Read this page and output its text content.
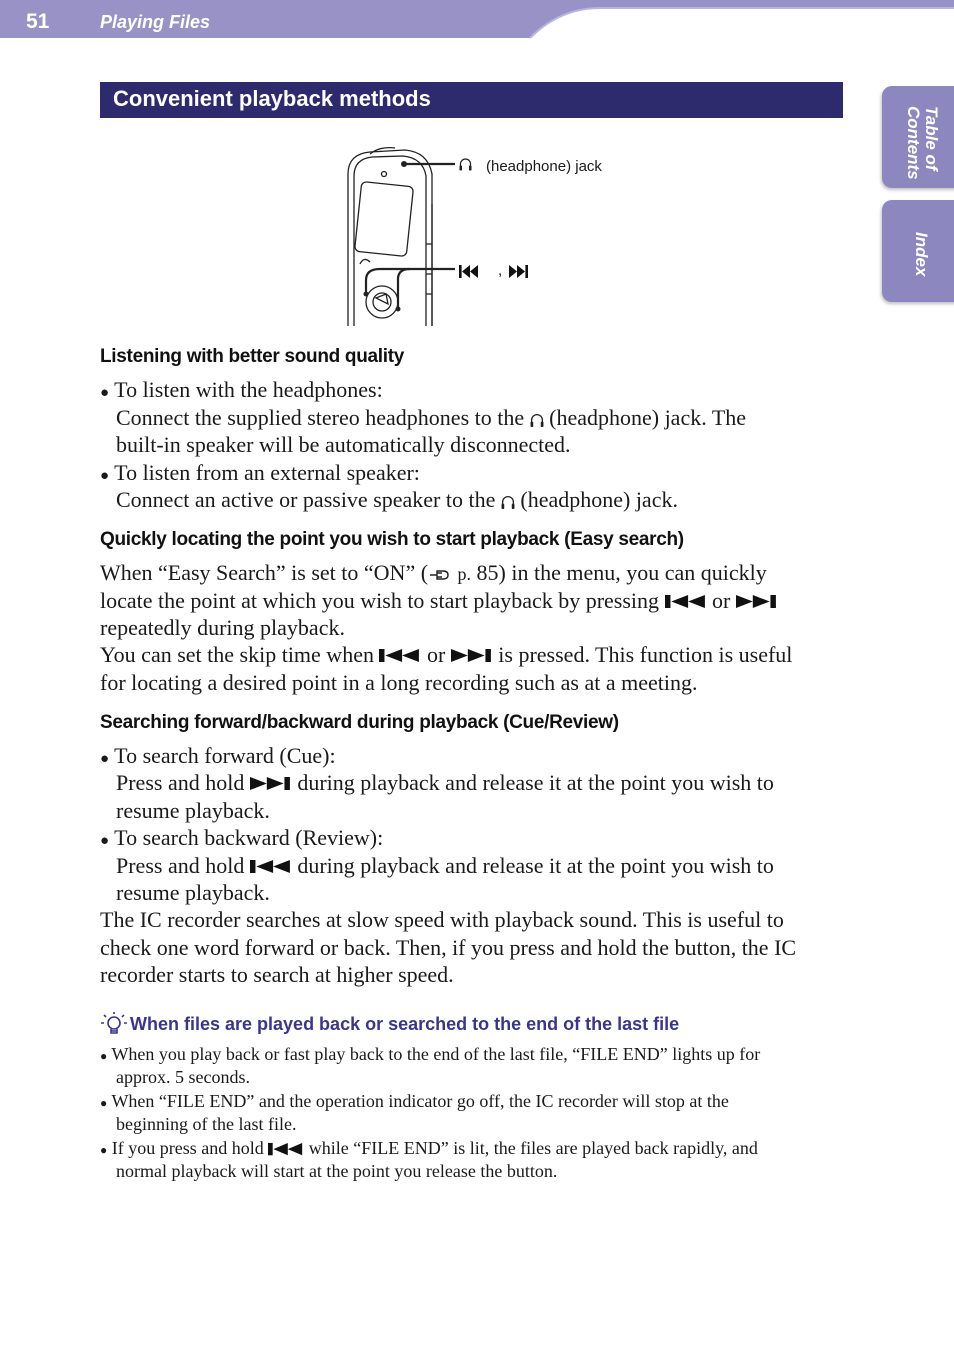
51	Playing Files
Table of
Contents
Index
Convenient playback methods
(headphone) jack
,
Listening with better sound quality
● To listen with the headphones:
Connect the supplied stereo headphones to the (headphone) jack. The
built-in speaker will be automatically disconnected.
● To listen from an external speaker:
Connect an active or passive speaker to the (headphone) jack.
Quickly locating the point you wish to start playback (Easy search)
When “Easy Search” is set to “ON” ( p. 85) in the menu, you can quickly
locate the point at which you wish to start playback by pressing or
repeatedly during playback.
You can set the skip time when or is pressed. This function is useful
for locating a desired point in a long recording such as at a meeting.
Searching forward/backward during playback (Cue/Review)
● To search forward (Cue):
Press and hold during playback and release it at the point you wish to
resume playback.
● To search backward (Review):
Press and hold during playback and release it at the point you wish to
resume playback.
The IC recorder searches at slow speed with playback sound. This is useful to
check one word forward or back. Then, if you press and hold the button, the IC
recorder starts to search at higher speed.
When files are played back or searched to the end of the last file
● When you play back or fast play back to the end of the last file, “FILE END” lights up for
approx. 5 seconds.
● When “FILE END” and the operation indicator go off, the IC recorder will stop at the
beginning of the last file.
● If you press and hold	while “FILE END” is lit, the files are played back rapidly, and
normal playback will start at the point you release the button.
